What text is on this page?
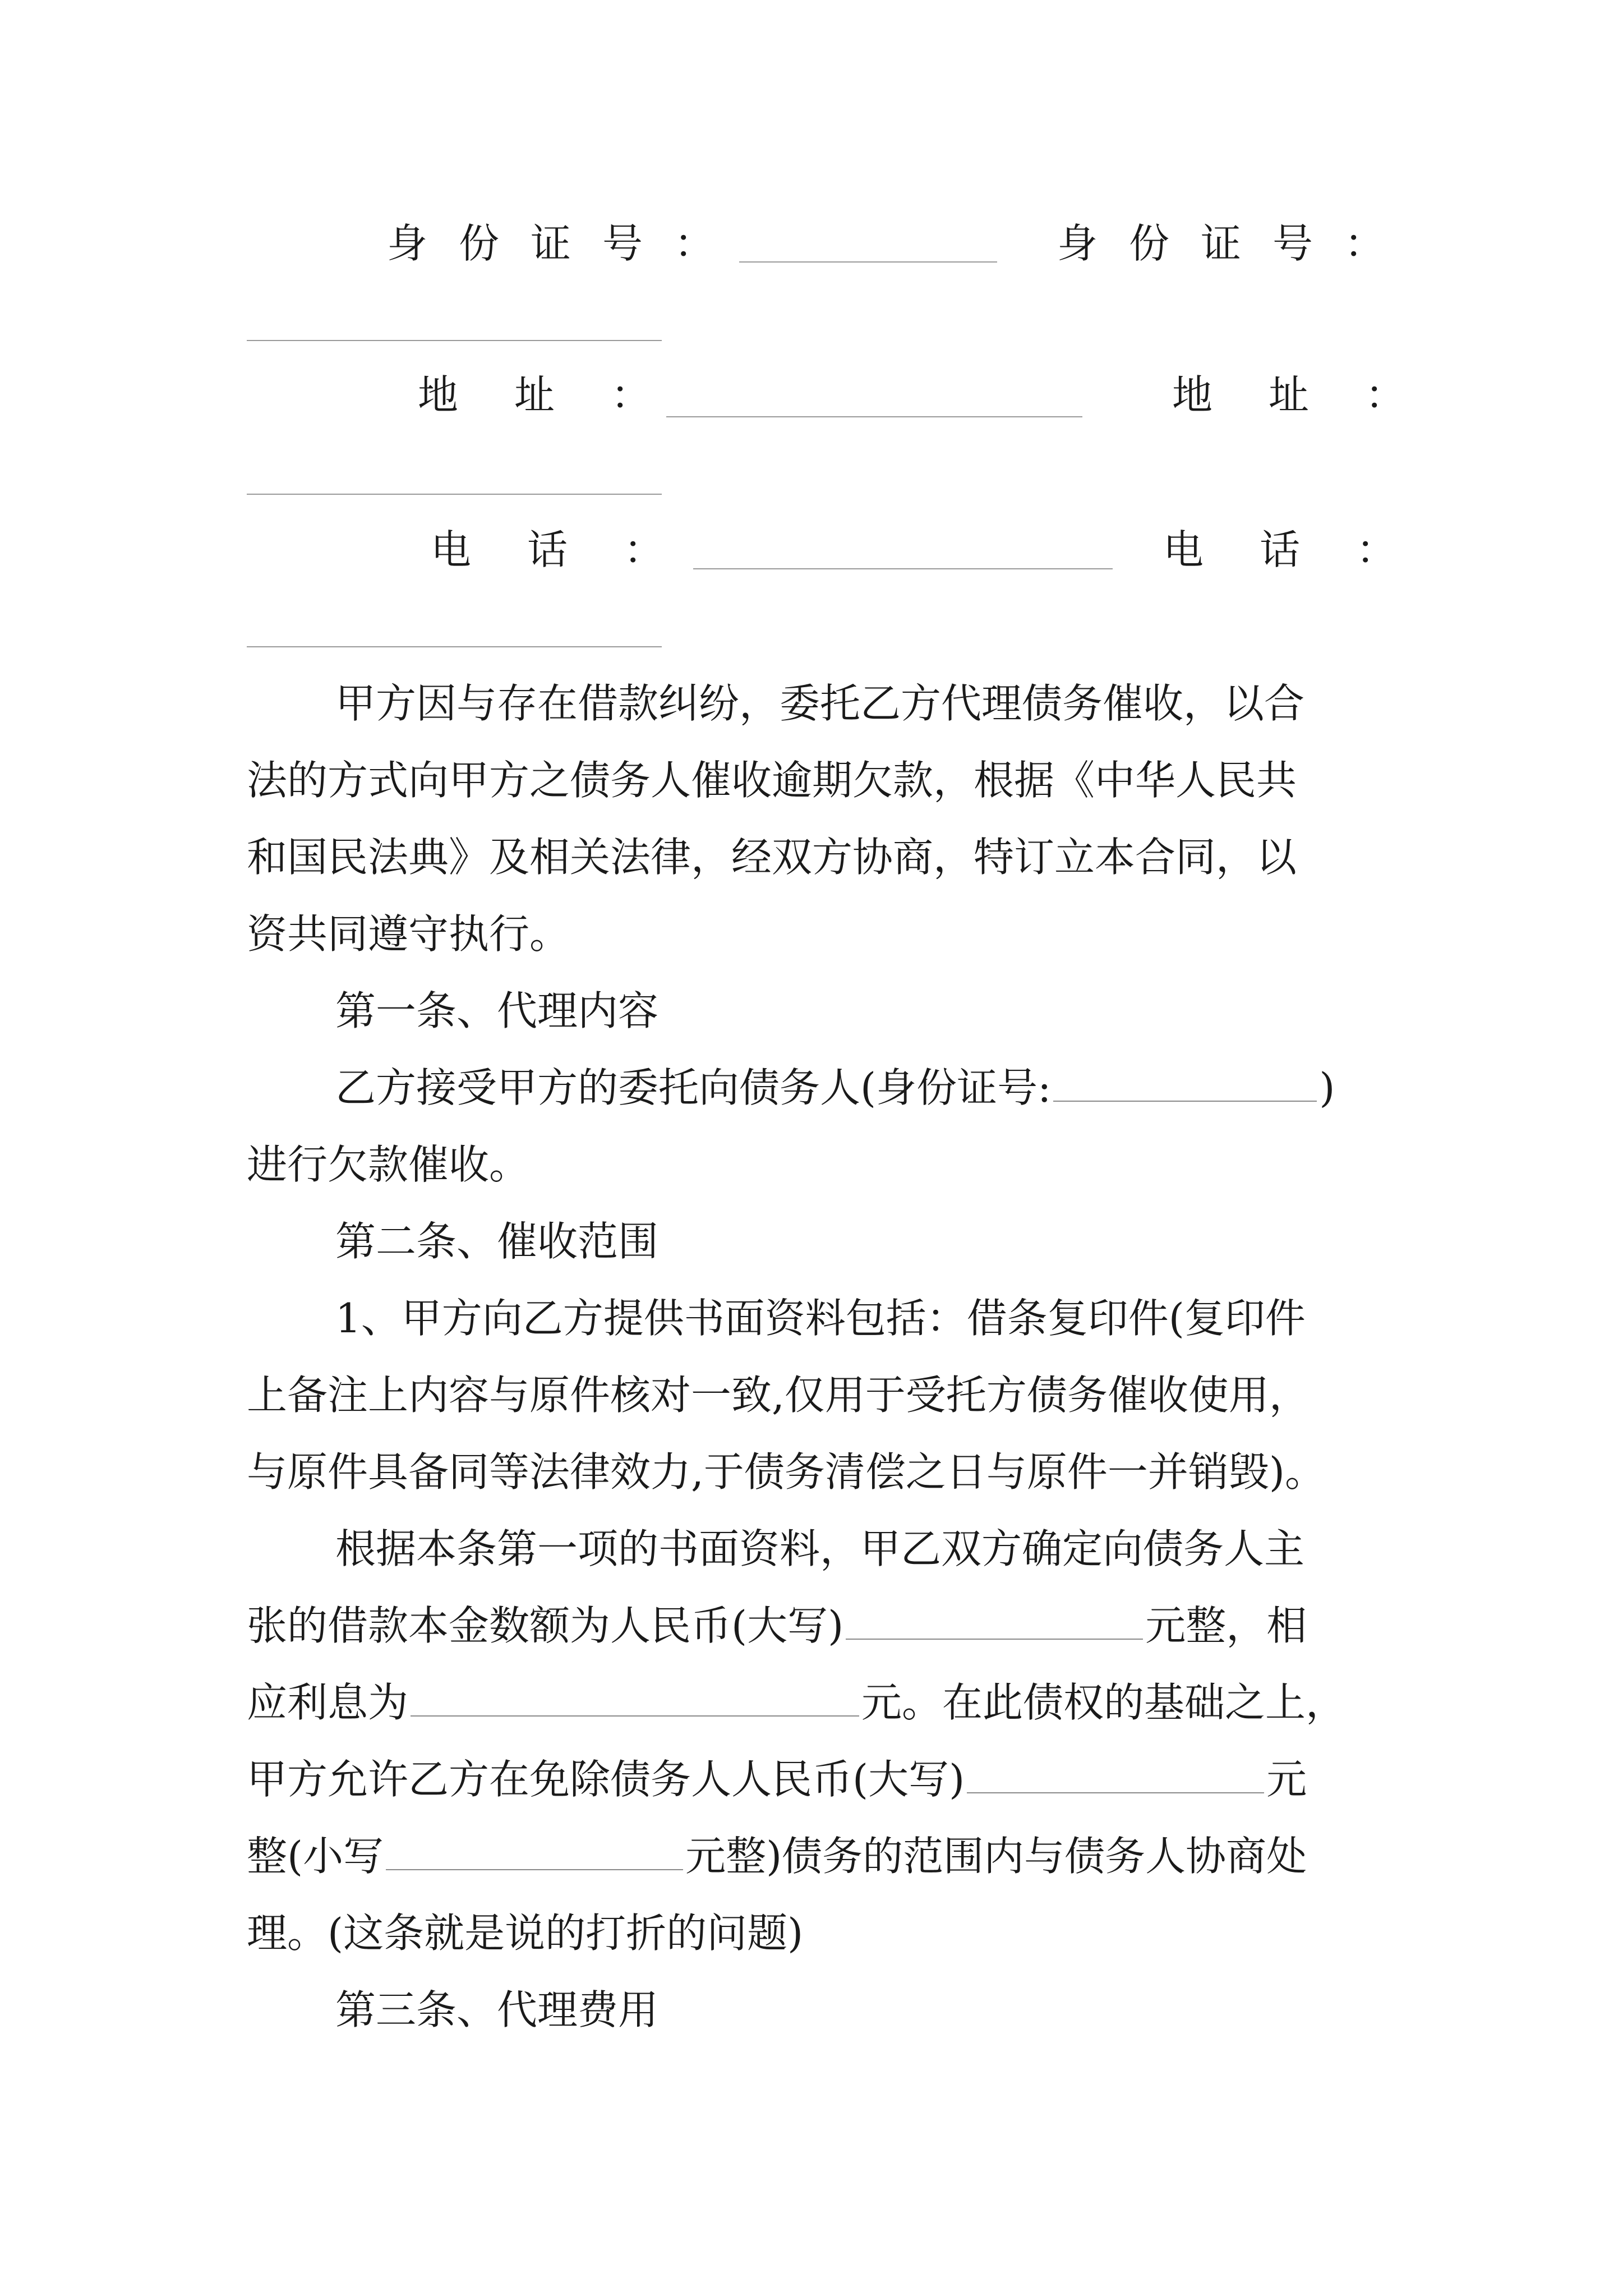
身份证号：	身份证号：
地址：	地址：
电话：	电话：
甲方因与存在借款纠纷，委托乙方代理债务催收，以合
法的方式向甲方之债务人催收逾期欠款，根据《中华人民共
和国民法典》及相关法律，经双方协商，特订立本合同，以
资共同遵守执行。
第一条、代理内容
乙方接受甲方的委托向债务人(身份证号:	)
进行欠款催收。
第二条、催收范围
1、甲方向乙方提供书面资料包括：借条复印件(复印件
上备注上内容与原件核对一致,仅用于受托方债务催收使用，
与原件具备同等法律效力,于债务清偿之日与原件一并销毁)。
根据本条第一项的书面资料，甲乙双方确定向债务人主
张的借款本金数额为人民币(大写)	元整，相
应利息为	元。在此债权的基础之上，
甲方允许乙方在免除债务人人民币(大写)	元
整(小写	元整)债务的范围内与债务人协商处
理。(这条就是说的打折的问题)
第三条、代理费用
